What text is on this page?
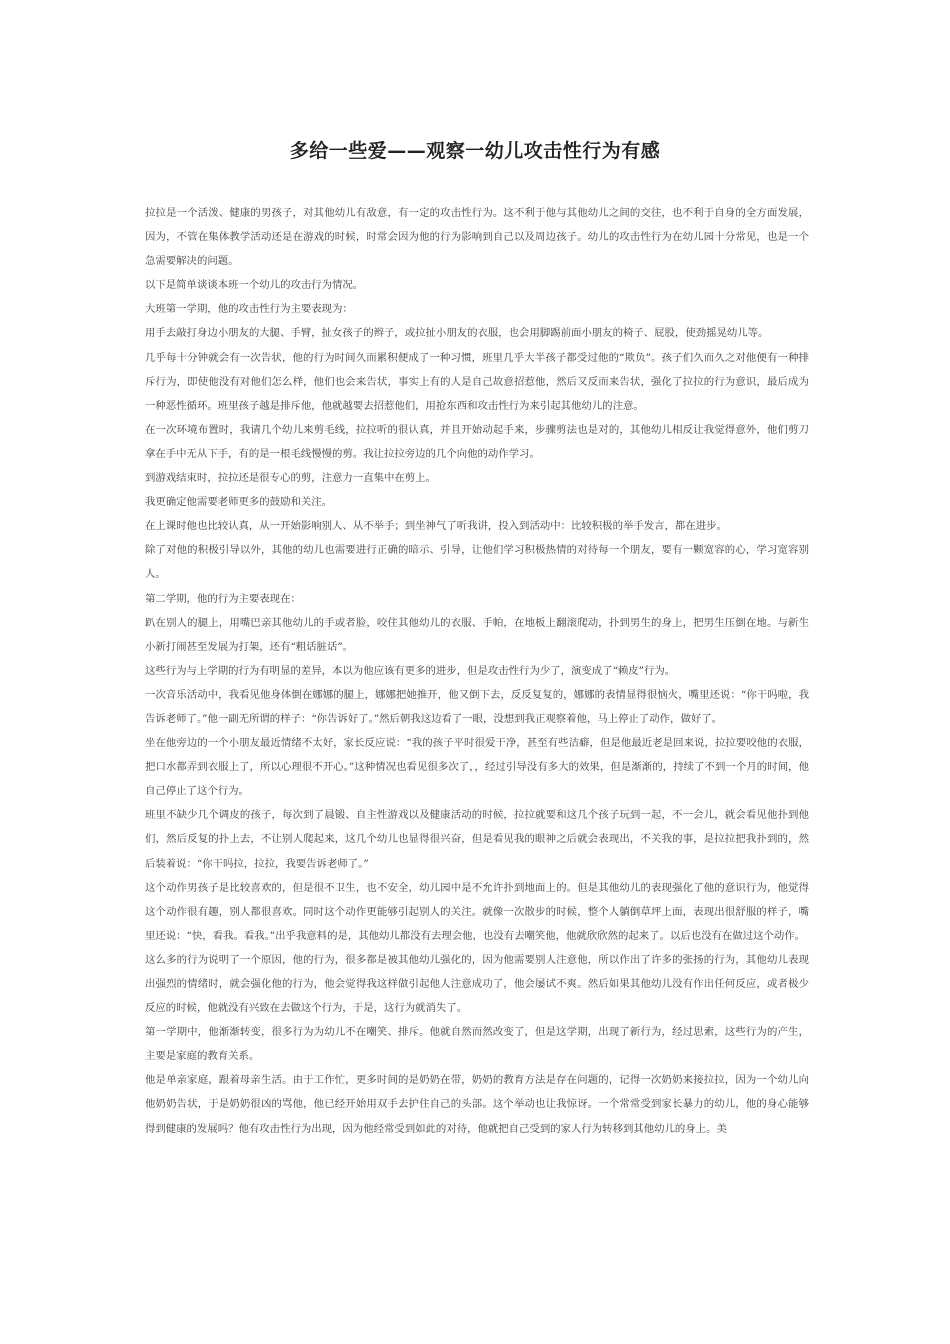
多给一些爱——观察一幼儿攻击性行为有感

拉拉是一个活泼、健康的男孩子，对其他幼儿有敌意，有一定的攻击性行为。这不利于他与其他幼儿之间的交往，也不利于自身的全方面发展，因为，不管在集体教学活动还是在游戏的时候，时常会因为他的行为影响到自己以及周边孩子。幼儿的攻击性行为在幼儿园十分常见，也是一个急需要解决的问题。

以下是简单谈谈本班一个幼儿的攻击行为情况。

大班第一学期，他的攻击性行为主要表现为：

用手去敲打身边小朋友的大腿、手臂，扯女孩子的辫子，或拉扯小朋友的衣服，也会用脚踢前面小朋友的椅子、屁股，使劲摇晃幼儿等。

几乎每十分钟就会有一次告状，他的行为时间久而累积便成了一种习惯，班里几乎大半孩子都受过他的“欺负”。孩子们久而久之对他便有一种排斥行为，即使他没有对他们怎么样，他们也会来告状，事实上有的人是自己故意招惹他，然后又反而来告状，强化了拉拉的行为意识，最后成为一种恶性循环。班里孩子越是排斥他，他就越要去招惹他们，用抢东西和攻击性行为来引起其他幼儿的注意。

在一次环境布置时，我请几个幼儿来剪毛线，拉拉听的很认真，并且开始动起手来，步骤剪法也是对的，其他幼儿相反让我觉得意外，他们剪刀拿在手中无从下手，有的是一根毛线慢慢的剪。我让拉拉旁边的几个向他的动作学习。

到游戏结束时，拉拉还是很专心的剪，注意力一直集中在剪上。

我更确定他需要老师更多的鼓励和关注。

在上课时他也比较认真，从一开始影响别人、从不举手；到坐神气了听我讲，投入到活动中：比较积极的举手发言，都在进步。

除了对他的积极引导以外，其他的幼儿也需要进行正确的暗示、引导，让他们学习积极热情的对待每一个朋友，要有一颗宽容的心，学习宽容别人。

第二学期，他的行为主要表现在：

趴在别人的腿上，用嘴巴亲其他幼儿的手或者脸，咬住其他幼儿的衣服、手帕，在地板上翻滚爬动，扑到男生的身上，把男生压倒在地。与新生小新打闹甚至发展为打架，还有“粗话脏话”。

这些行为与上学期的行为有明显的差异，本以为他应该有更多的进步，但是攻击性行为少了，演变成了“赖皮”行为。

一次音乐活动中，我看见他身体倒在娜娜的腿上，娜娜把她推开，他又倒下去，反反复复的，娜娜的表情显得很恼火，嘴里还说：“你干吗啦，我告诉老师了。”他一副无所谓的样子：“你告诉好了。”然后朝我这边看了一眼，没想到我正观察着他，马上停止了动作，做好了。

坐在他旁边的一个小朋友最近情绪不太好，家长反应说：“我的孩子平时很爱干净，甚至有些洁癖，但是他最近老是回来说，拉拉要咬他的衣服，把口水都弄到衣服上了，所以心理很不开心。”这种情况也看见很多次了，，经过引导没有多大的效果，但是渐渐的，持续了不到一个月的时间，他自己停止了这个行为。

班里不缺少几个调皮的孩子，每次到了晨锻、自主性游戏以及健康活动的时候，拉拉就要和这几个孩子玩到一起，不一会儿，就会看见他扑到他们，然后反复的扑上去，不让别人爬起来，这几个幼儿也显得很兴奋，但是看见我的眼神之后就会表现出，不关我的事，是拉拉把我扑到的，然后装着说：“你干吗拉，拉拉，我要告诉老师了。”

这个动作男孩子是比较喜欢的，但是很不卫生，也不安全，幼儿园中是不允许扑到地面上的。但是其他幼儿的表现强化了他的意识行为，他觉得这个动作很有趣，别人都很喜欢。同时这个动作更能够引起别人的关注。就像一次散步的时候，整个人躺倒草坪上面，表现出很舒服的样子，嘴里还说：“快，看我。看我。”出乎我意料的是，其他幼儿都没有去理会他，也没有去嘲笑他，他就欣欣然的起来了。以后也没有在做过这个动作。

这么多的行为说明了一个原因，他的行为，很多都是被其他幼儿强化的，因为他需要别人注意他，所以作出了许多的张扬的行为，其他幼儿表现出强烈的情绪时，就会强化他的行为，他会觉得我这样做引起他人注意成功了，他会屡试不爽。然后如果其他幼儿没有作出任何反应，或者极少反应的时候，他就没有兴致在去做这个行为，于是，这行为就消失了。

第一学期中，他渐渐转变，很多行为为幼儿不在嘲笑、排斥。他就自然而然改变了，但是这学期，出现了新行为，经过思索，这些行为的产生，主要是家庭的教育关系。

他是单亲家庭，跟着母亲生活。由于工作忙，更多时间的是奶奶在带，奶奶的教育方法是存在问题的，记得一次奶奶来接拉拉，因为一个幼儿向他奶奶告状，于是奶奶很凶的骂他，他已经开始用双手去护住自己的头部。这个举动也让我惊讶。一个常常受到家长暴力的幼儿，他的身心能够得到健康的发展吗？他有攻击性行为出现，因为他经常受到如此的对待，他就把自己受到的家人行为转移到其他幼儿的身上。美
